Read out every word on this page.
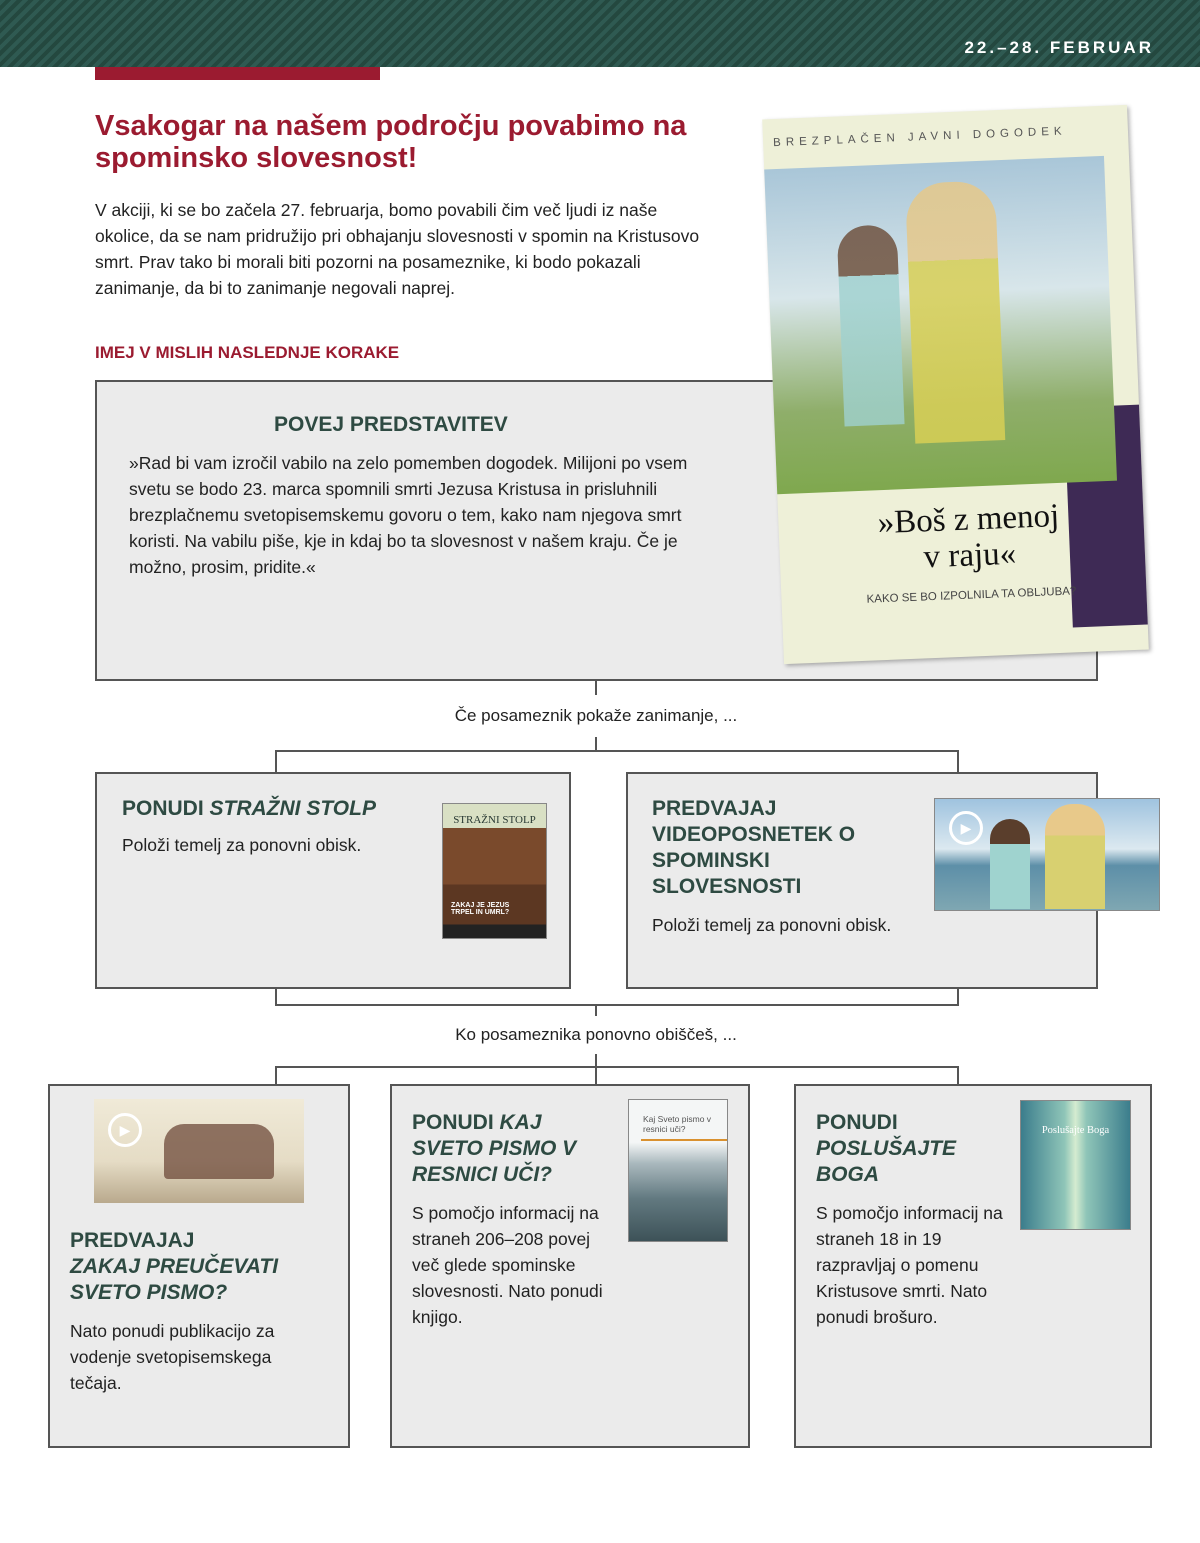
22.–28. FEBRUAR
Vsakogar na našem področju povabimo na spominsko slovesnost!
V akciji, ki se bo začela 27. februarja, bomo povabili čim več ljudi iz naše okolice, da se nam pridružijo pri obhajanju slovesnosti v spomin na Kristusovo smrt. Prav tako bi morali biti pozorni na posameznike, ki bodo pokazali zanimanje, da bi to zanimanje negovali naprej.
IMEJ V MISLIH NASLEDNJE KORAKE
POVEJ PREDSTAVITEV
»Rad bi vam izročil vabilo na zelo pomemben dogodek. Milijoni po vsem svetu se bodo 23. marca spomnili smrti Jezusa Kristusa in prisluhnili brezplačnemu svetopisemskemu govoru o tem, kako nam njegova smrt koristi. Na vabilu piše, kje in kdaj bo ta slovesnost v našem kraju. Če je možno, prosim, pridite.«
BREZPLAČEN JAVNI DOGODEK
»Boš z menoj
v raju«
KAKO SE BO IZPOLNILA TA OBLJUBA?
Če posameznik pokaže zanimanje, ...
PONUDI STRAŽNI STOLP
Položi temelj za ponovni obisk.
STRAŽNI STOLP
ZAKAJ JE JEZUS TRPEL IN UMRL?
PREDVAJAJ VIDEOPOSNETEK O SPOMINSKI SLOVESNOSTI
Položi temelj za ponovni obisk.
▶
Ko posameznika ponovno obiščeš, ...
▶
PREDVAJAJ
ZAKAJ PREUČEVATI SVETO PISMO?
Nato ponudi publikacijo za vodenje svetopisemskega tečaja.
PONUDI KAJ SVETO PISMO V RESNICI UČI?
S pomočjo informacij na straneh 206–208 povej več glede spominske slovesnosti. Nato ponudi knjigo.
Kaj Sveto pismo v resnici uči?	PONUDI
POSLUŠAJTE BOGA
S pomočjo informacij na straneh 18 in 19 razpravljaj o pomenu Kristusove smrti. Nato ponudi brošuro.
Poslušajte Boga
